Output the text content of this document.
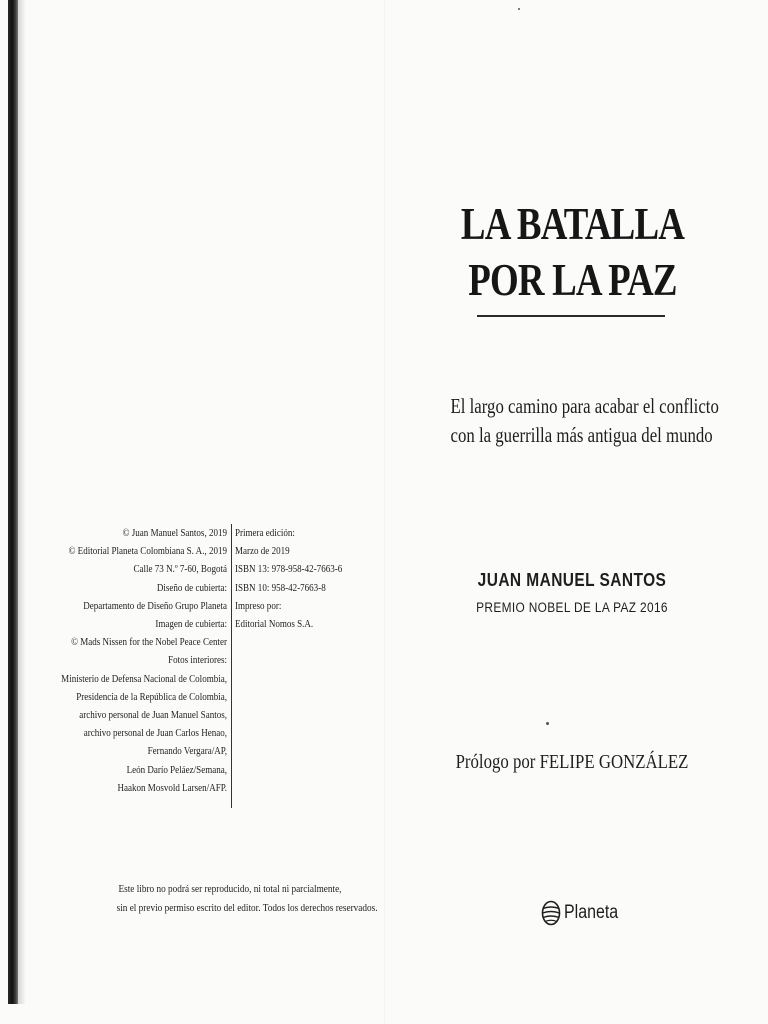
LA BATALLA
POR LA PAZ
El largo camino para acabar el conflicto
con la guerrilla más antigua del mundo
JUAN MANUEL SANTOS
PREMIO NOBEL DE LA PAZ 2016
Prólogo por FELIPE GONZÁLEZ
Planeta
© Juan Manuel Santos, 2019
© Editorial Planeta Colombiana S. A., 2019
Calle 73 N.º 7-60, Bogotá
Diseño de cubierta:
Departamento de Diseño Grupo Planeta
Imagen de cubierta:
© Mads Nissen for the Nobel Peace Center
Fotos interiores:
Ministerio de Defensa Nacional de Colombia,
Presidencia de la República de Colombia,
archivo personal de Juan Manuel Santos,
archivo personal de Juan Carlos Henao,
Fernando Vergara/AP,
León Darío Peláez/Semana,
Haakon Mosvold Larsen/AFP.
Primera edición:
Marzo de 2019
ISBN 13: 978-958-42-7663-6
ISBN 10: 958-42-7663-8
Impreso por:
Editorial Nomos S.A.
Este libro no podrá ser reproducido, ni total ni parcialmente,
sin el previo permiso escrito del editor. Todos los derechos reservados.
